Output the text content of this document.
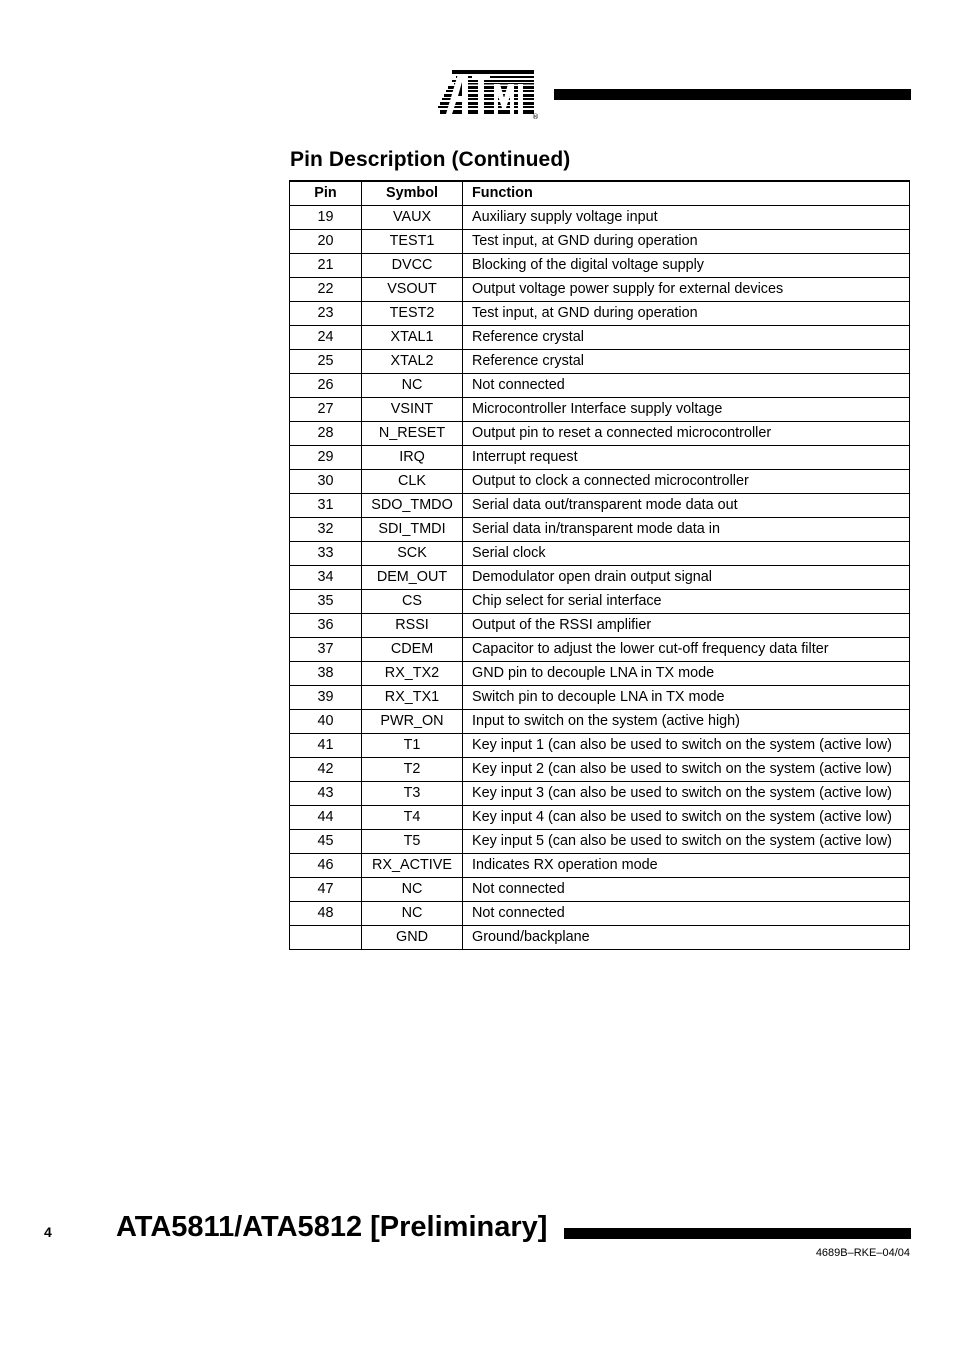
®
Pin Description (Continued)
Pin	Symbol	Function
19	VAUX	Auxiliary supply voltage input
20	TEST1	Test input, at GND during operation
21	DVCC	Blocking of the digital voltage supply
22	VSOUT	Output voltage power supply for external devices
23	TEST2	Test input, at GND during operation
24	XTAL1	Reference crystal
25	XTAL2	Reference crystal
26	NC	Not connected
27	VSINT	Microcontroller Interface supply voltage
28	N_RESET	Output pin to reset a connected microcontroller
29	IRQ	Interrupt request
30	CLK	Output to clock a connected microcontroller
31	SDO_TMDO	Serial data out/transparent mode data out
32	SDI_TMDI	Serial data in/transparent mode data in
33	SCK	Serial clock
34	DEM_OUT	Demodulator open drain output signal
35	CS	Chip select for serial interface
36	RSSI	Output of the RSSI amplifier
37	CDEM	Capacitor to adjust the lower cut-off frequency data filter
38	RX_TX2	GND pin to decouple LNA in TX mode
39	RX_TX1	Switch pin to decouple LNA in TX mode
40	PWR_ON	Input to switch on the system (active high)
41	T1	Key input 1 (can also be used to switch on the system (active low)
42	T2	Key input 2 (can also be used to switch on the system (active low)
43	T3	Key input 3 (can also be used to switch on the system (active low)
44	T4	Key input 4 (can also be used to switch on the system (active low)
45	T5	Key input 5 (can also be used to switch on the system (active low)
46	RX_ACTIVE	Indicates RX operation mode
47	NC	Not connected
48	NC	Not connected
	GND	Ground/backplane
4 ATA5811/ATA5812 [Preliminary]
4689B–RKE–04/04
